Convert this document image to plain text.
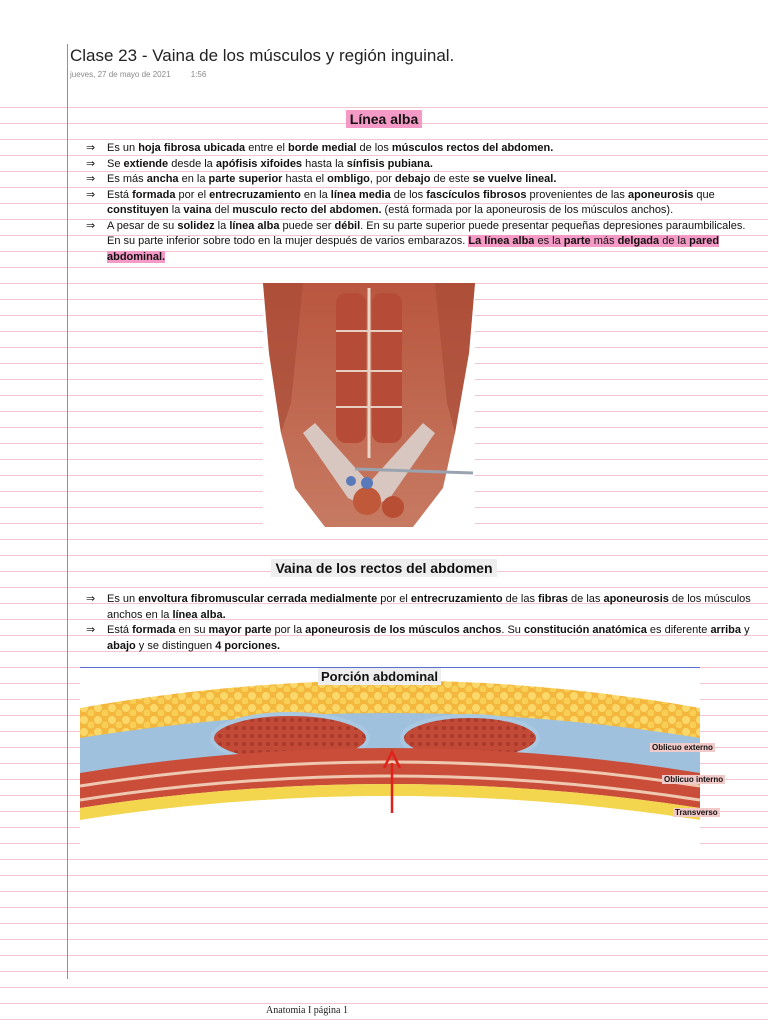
Clase 23 - Vaina de los músculos y región inguinal.
jueves, 27 de mayo de 2021	1:56
Línea alba
⇒ Es un hoja fibrosa ubicada entre el borde medial de los músculos rectos del abdomen.
⇒ Se extiende desde la apófisis xifoides hasta la sínfisis pubiana.
⇒ Es más ancha en la parte superior hasta el ombligo, por debajo de este se vuelve lineal.
⇒ Está formada por el entrecruzamiento en la línea media de los fascículos fibrosos provenientes de las aponeurosis que constituyen la vaina del musculo recto del abdomen. (está formada por la aponeurosis de los músculos anchos).
⇒ A pesar de su solidez la línea alba puede ser débil. En su parte superior puede presentar pequeñas depresiones paraumbilicales. En su parte inferior sobre todo en la mujer después de varios embarazos. La línea alba es la parte más delgada de la pared abdominal.
Vaina de los rectos del abdomen
⇒ Es un envoltura fibromuscular cerrada medialmente por el entrecruzamiento de las fibras de las aponeurosis de los músculos anchos en la línea alba.
⇒ Está formada en su mayor parte por la aponeurosis de los músculos anchos. Su constitución anatómica es diferente arriba y abajo y se distinguen 4 porciones.
Porción abdominal
Oblicuo externo
Oblicuo interno
Transverso
Anatomia I página 1
